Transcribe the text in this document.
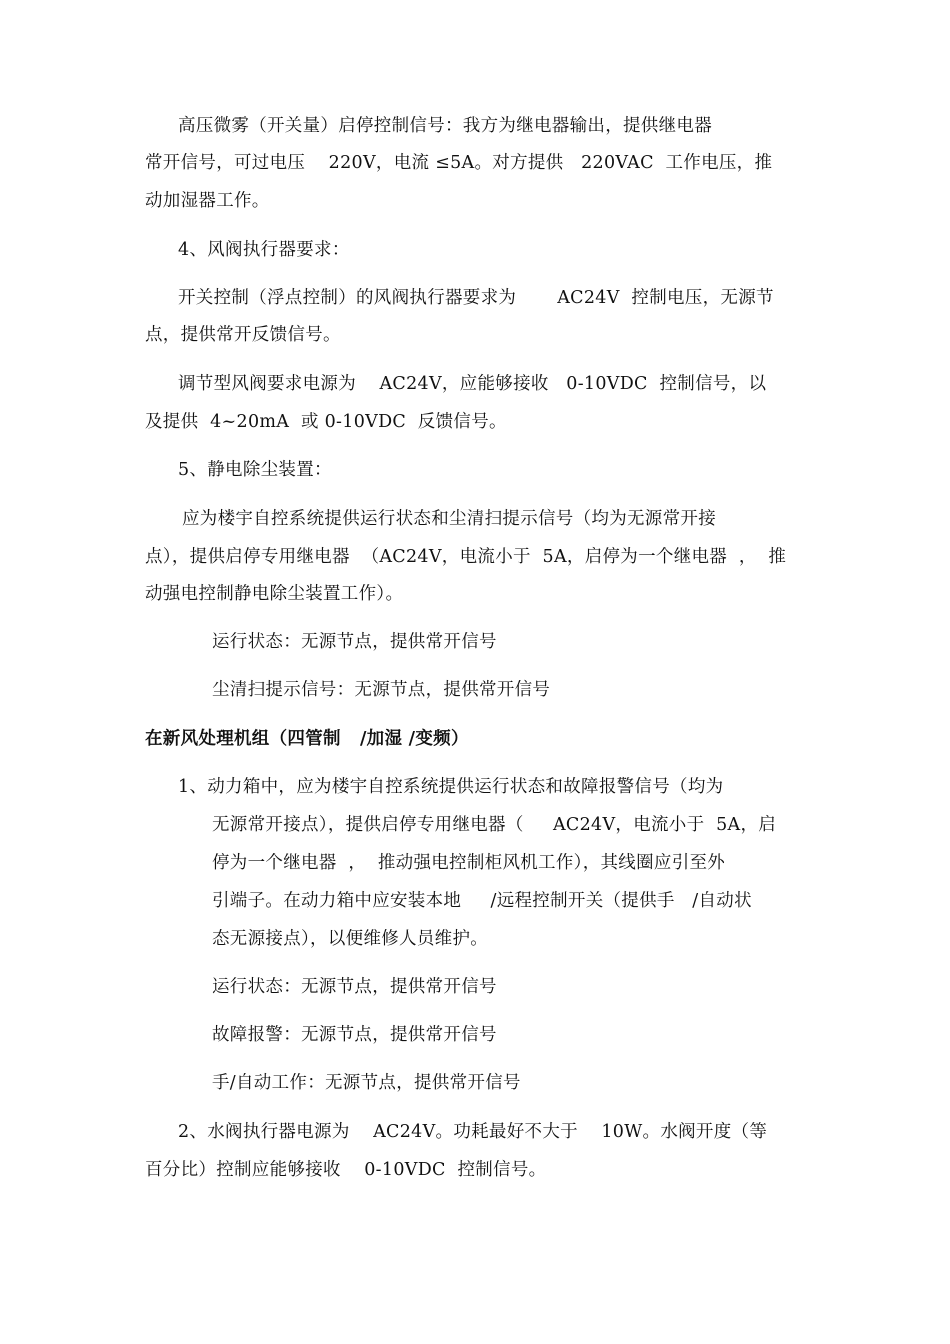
高压微雾（开关量）启停控制信号：我方为继电器输出，提供继电器
常开信号，可过电压    220V，电流 ≤5A。对方提供   220VAC  工作电压，推
动加湿器工作。
4、风阀执行器要求：
开关控制（浮点控制）的风阀执行器要求为       AC24V  控制电压，无源节
点，提供常开反馈信号。
调节型风阀要求电源为    AC24V，应能够接收   0-10VDC  控制信号，以
及提供  4~20mA  或 0-10VDC  反馈信号。
5、静电除尘装置：
应为楼宇自控系统提供运行状态和尘清扫提示信号（均为无源常开接
点），提供启停专用继电器  （AC24V，电流小于  5A，启停为一个继电器  ，  推
动强电控制静电除尘装置工作）。
运行状态：无源节点，提供常开信号
尘清扫提示信号：无源节点，提供常开信号
在新风处理机组（四管制   /加湿 /变频）
1、动力箱中，应为楼宇自控系统提供运行状态和故障报警信号（均为
无源常开接点），提供启停专用继电器（     AC24V，电流小于  5A，启
停为一个继电器  ，  推动强电控制柜风机工作），其线圈应引至外
引端子。在动力箱中应安装本地     /远程控制开关（提供手   /自动状
态无源接点），以便维修人员维护。
运行状态：无源节点，提供常开信号
故障报警：无源节点，提供常开信号
手/自动工作：无源节点，提供常开信号
2、水阀执行器电源为    AC24V。功耗最好不大于    10W。水阀开度（等
百分比）控制应能够接收    0-10VDC  控制信号。
